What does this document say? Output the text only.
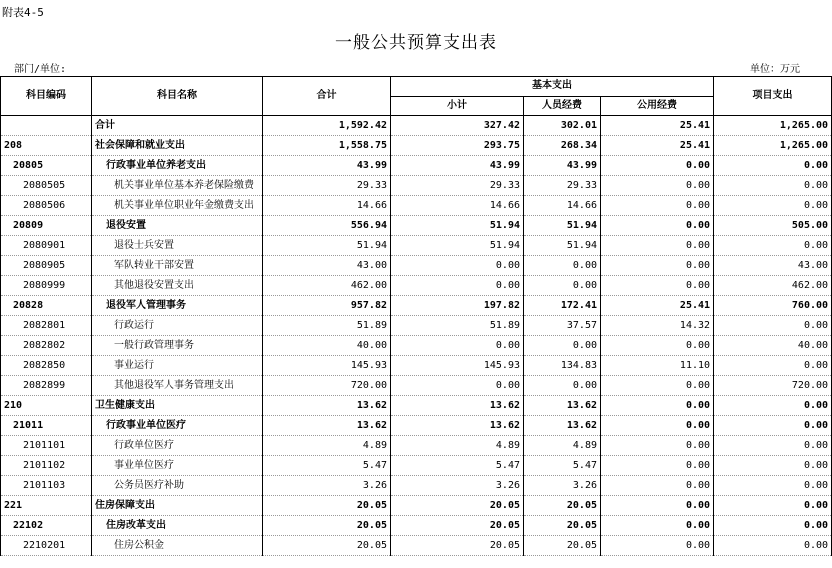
附表4-5
一般公共预算支出表
部门/单位:	单位：万元
科目编码	科目名称	合计	基本支出			项目支出
			小计	人员经费	公用经费	
	合计	1,592.42	327.42	302.01	25.41	1,265.00
208	社会保障和就业支出	1,558.75	293.75	268.34	25.41	1,265.00
20805	行政事业单位养老支出	43.99	43.99	43.99	0.00	0.00
2080505	机关事业单位基本养老保险缴费	29.33	29.33	29.33	0.00	0.00
2080506	机关事业单位职业年金缴费支出	14.66	14.66	14.66	0.00	0.00
20809	退役安置	556.94	51.94	51.94	0.00	505.00
2080901	退役士兵安置	51.94	51.94	51.94	0.00	0.00
2080905	军队转业干部安置	43.00	0.00	0.00	0.00	43.00
2080999	其他退役安置支出	462.00	0.00	0.00	0.00	462.00
20828	退役军人管理事务	957.82	197.82	172.41	25.41	760.00
2082801	行政运行	51.89	51.89	37.57	14.32	0.00
2082802	一般行政管理事务	40.00	0.00	0.00	0.00	40.00
2082850	事业运行	145.93	145.93	134.83	11.10	0.00
2082899	其他退役军人事务管理支出	720.00	0.00	0.00	0.00	720.00
210	卫生健康支出	13.62	13.62	13.62	0.00	0.00
21011	行政事业单位医疗	13.62	13.62	13.62	0.00	0.00
2101101	行政单位医疗	4.89	4.89	4.89	0.00	0.00
2101102	事业单位医疗	5.47	5.47	5.47	0.00	0.00
2101103	公务员医疗补助	3.26	3.26	3.26	0.00	0.00
221	住房保障支出	20.05	20.05	20.05	0.00	0.00
22102	住房改革支出	20.05	20.05	20.05	0.00	0.00
2210201	住房公积金	20.05	20.05	20.05	0.00	0.00
